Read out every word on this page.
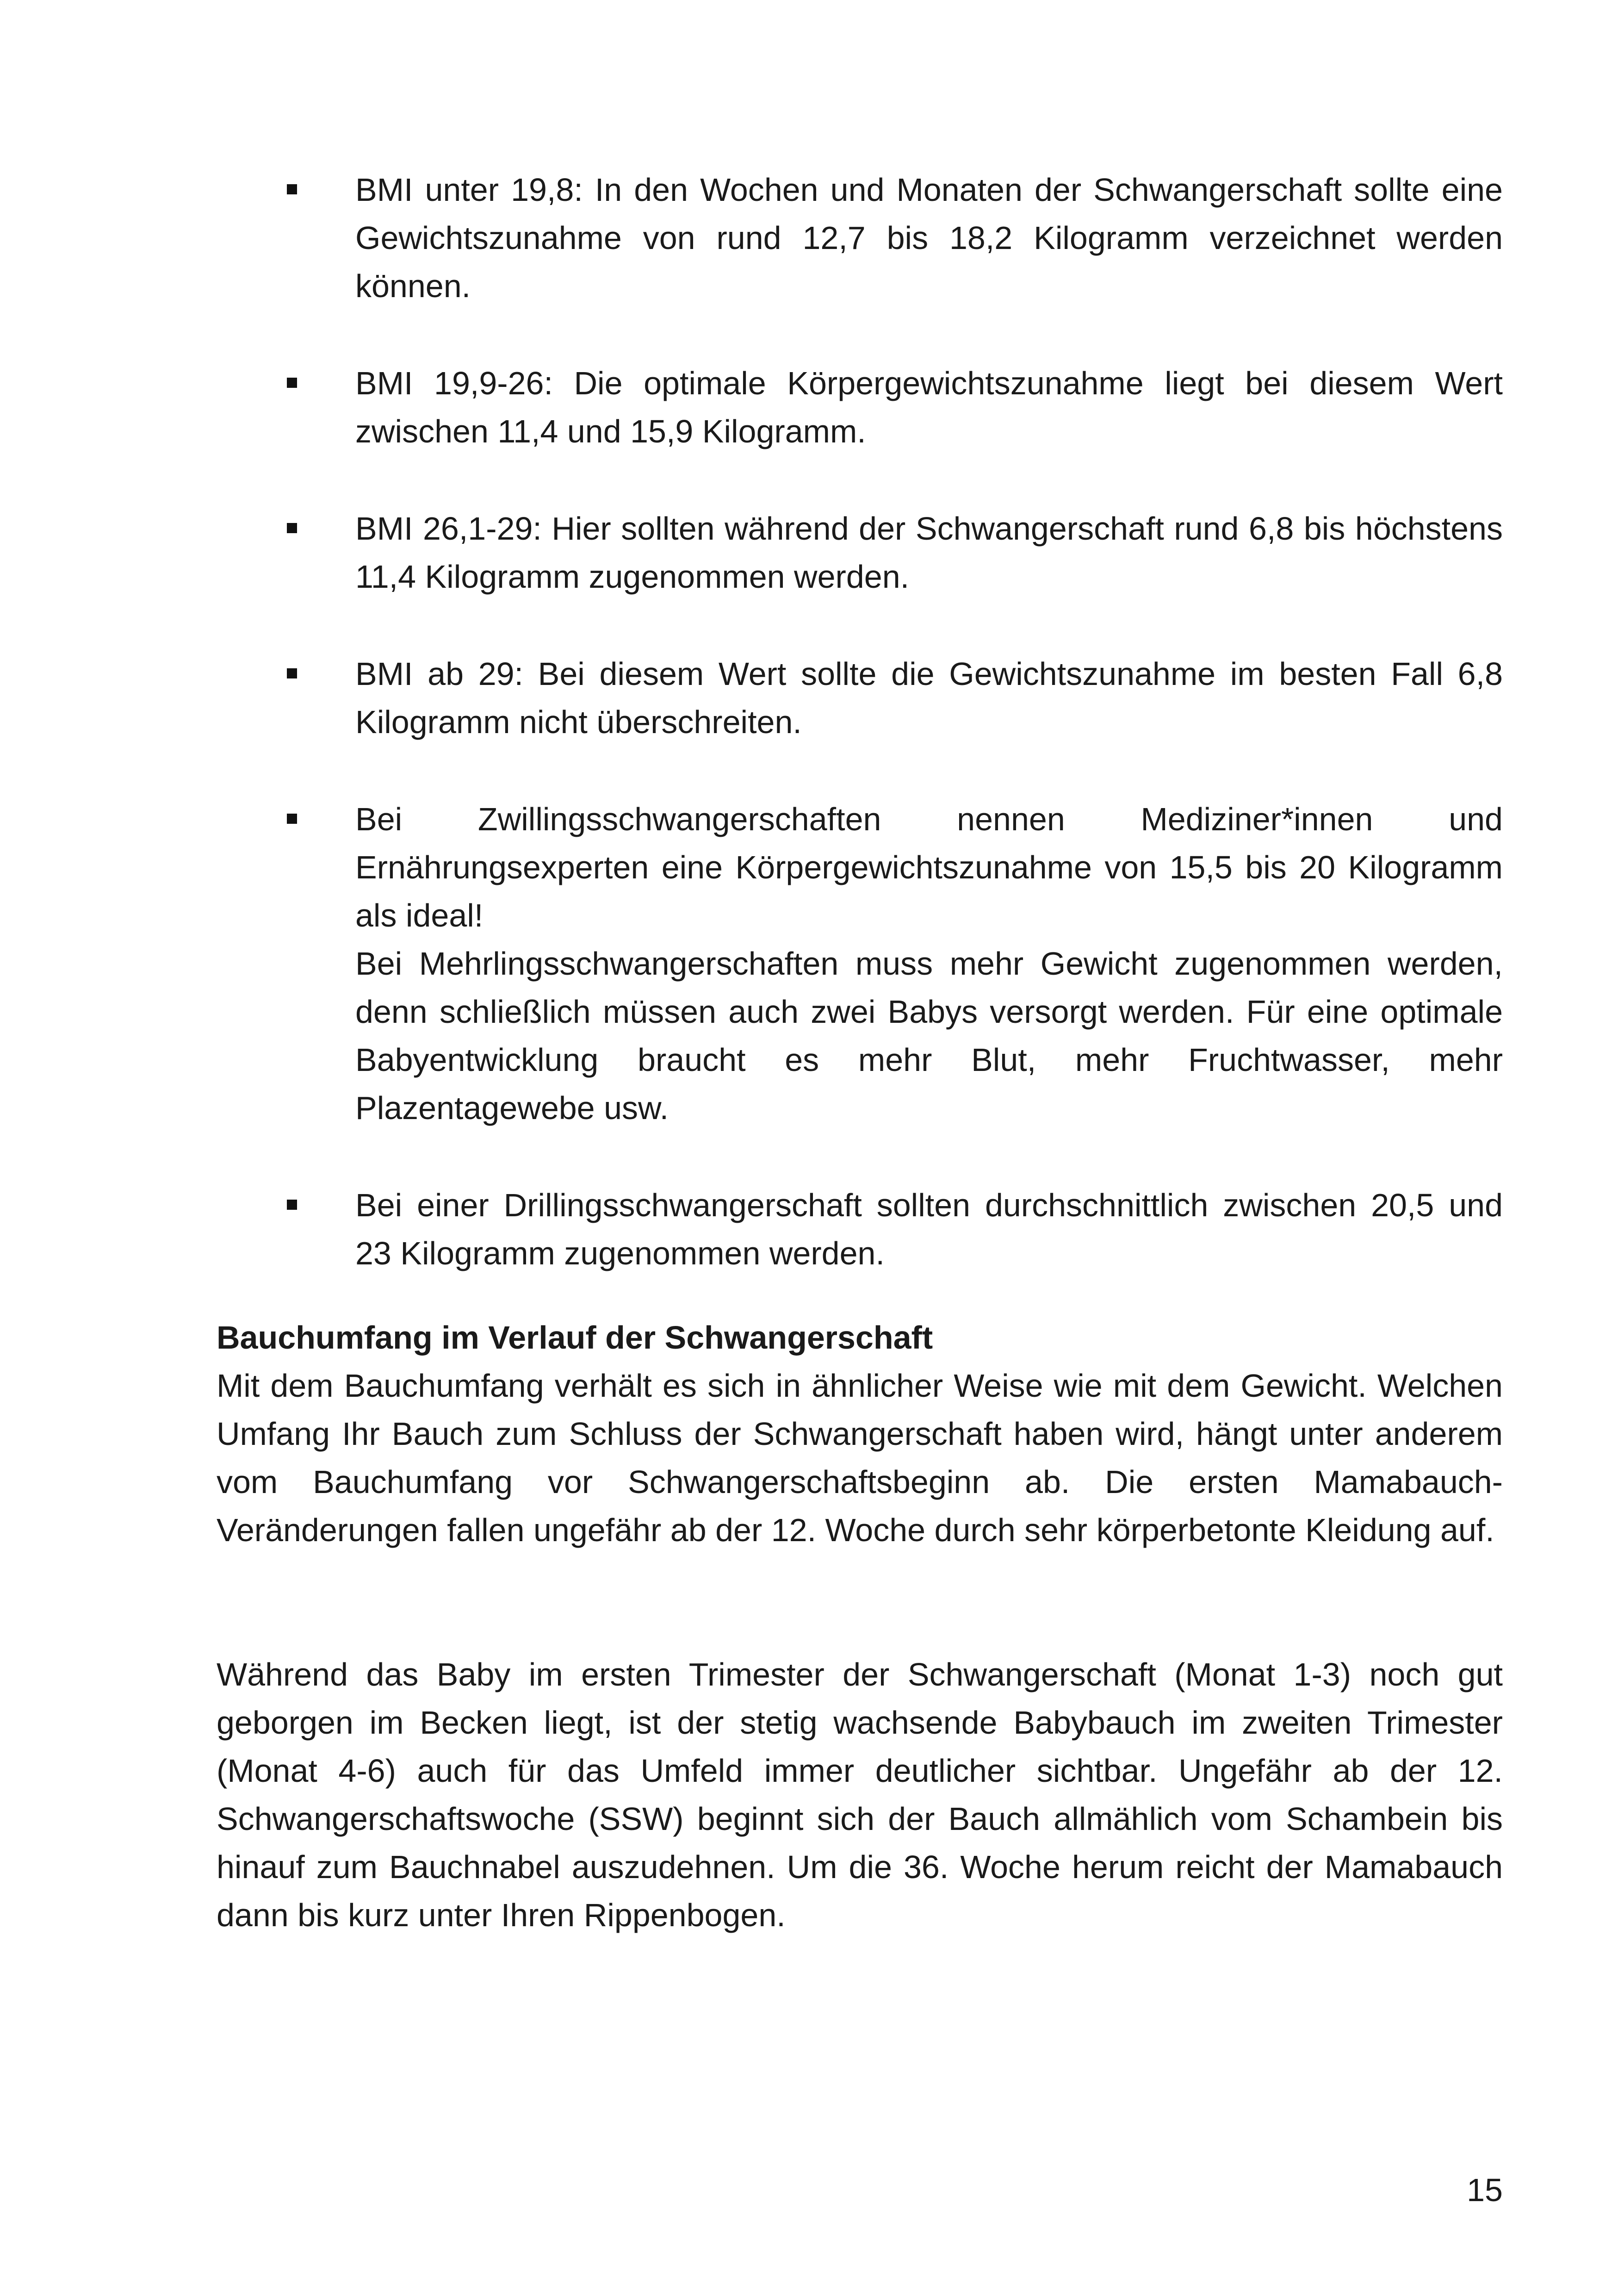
BMI unter 19,8: In den Wochen und Monaten der Schwangerschaft sollte eine Gewichtszunahme von rund 12,7 bis 18,2 Kilogramm verzeichnet werden können.

BMI 19,9-26: Die optimale Körpergewichtszunahme liegt bei diesem Wert zwischen 11,4 und 15,9 Kilogramm.

BMI 26,1-29: Hier sollten während der Schwangerschaft rund 6,8 bis höchstens 11,4 Kilogramm zugenommen werden.

BMI ab 29: Bei diesem Wert sollte die Gewichtszunahme im besten Fall 6,8 Kilogramm nicht überschreiten.

Bei Zwillingsschwangerschaften nennen Mediziner*innen und Ernährungsexperten eine Körpergewichtszunahme von 15,5 bis 20 Kilogramm als ideal!

Bei Mehrlingsschwangerschaften muss mehr Gewicht zugenommen werden, denn schließlich müssen auch zwei Babys versorgt werden. Für eine optimale Babyentwicklung braucht es mehr Blut, mehr Fruchtwasser, mehr Plazentagewebe usw.

Bei einer Drillingsschwangerschaft sollten durchschnittlich zwischen 20,5 und 23 Kilogramm zugenommen werden.

Bauchumfang im Verlauf der Schwangerschaft

Mit dem Bauchumfang verhält es sich in ähnlicher Weise wie mit dem Gewicht. Welchen Umfang Ihr Bauch zum Schluss der Schwangerschaft haben wird, hängt unter anderem vom Bauchumfang vor Schwangerschaftsbeginn ab. Die ersten Mamabauch-Veränderungen fallen ungefähr ab der 12. Woche durch sehr körperbetonte Kleidung auf.

Während das Baby im ersten Trimester der Schwangerschaft (Monat 1-3) noch gut geborgen im Becken liegt, ist der stetig wachsende Babybauch im zweiten Trimester (Monat 4-6) auch für das Umfeld immer deutlicher sichtbar. Ungefähr ab der 12. Schwangerschaftswoche (SSW) beginnt sich der Bauch allmählich vom Schambein bis hinauf zum Bauchnabel auszudehnen. Um die 36. Woche herum reicht der Mamabauch dann bis kurz unter Ihren Rippenbogen.

15
